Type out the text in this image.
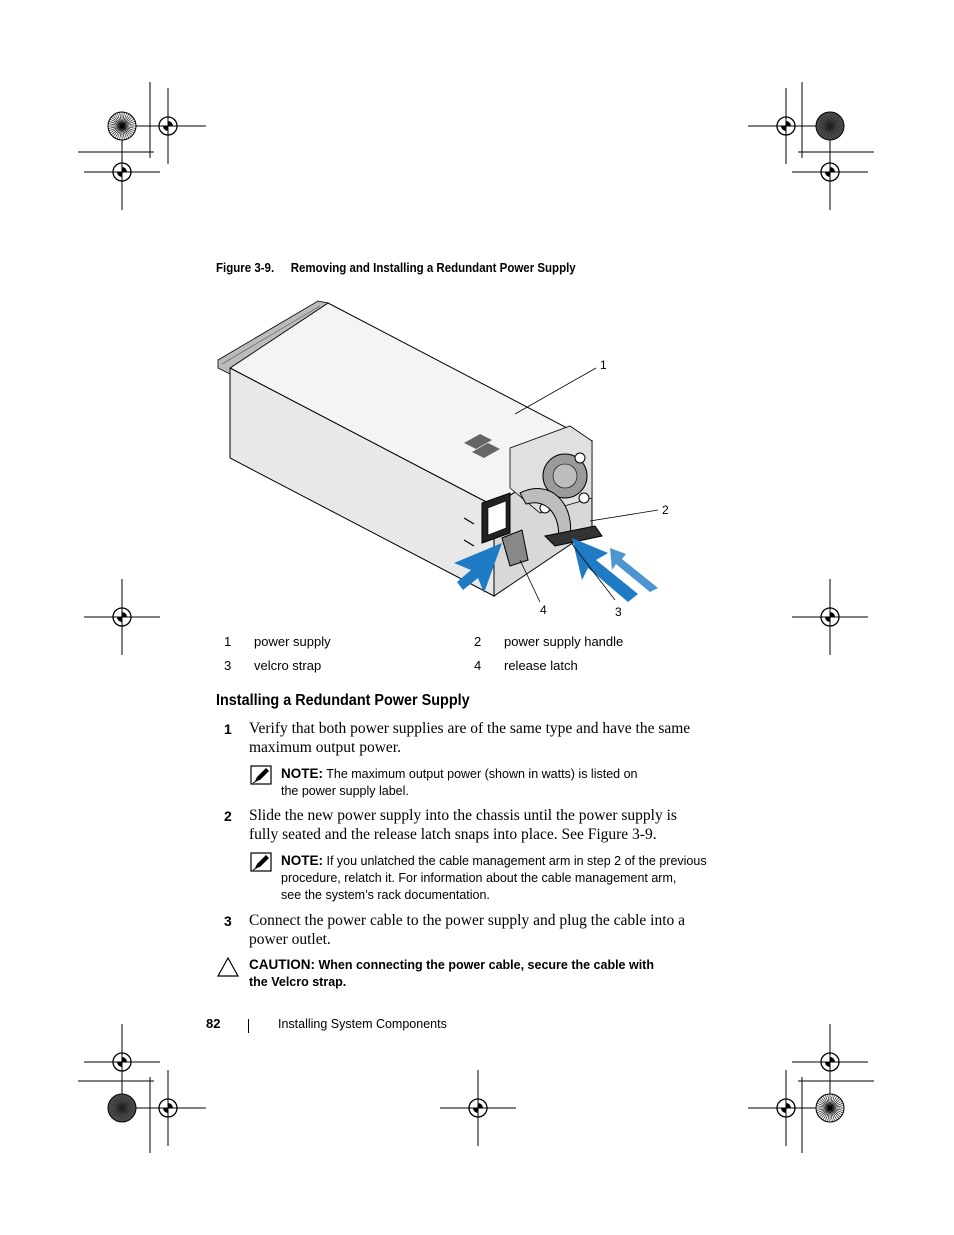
Figure 3-9. Removing and Installing a Redundant Power Supply
1
2
3
4
1	power supply	2	power supply handle
3	velcro strap	4	release latch
Installing a Redundant Power Supply
1 Verify that both power supplies are of the same type and have the same maximum output power.
NOTE: The maximum output power (shown in watts) is listed on
the power supply label.
2 Slide the new power supply into the chassis until the power supply is fully seated and the release latch snaps into place. See Figure 3-9.
NOTE: If you unlatched the cable management arm in step 2 of the previous
procedure, relatch it. For information about the cable management arm,
see the system’s rack documentation.
3 Connect the power cable to the power supply and plug the cable into a power outlet.
CAUTION: When connecting the power cable, secure the cable with
the Velcro strap.
82	Installing System Components
